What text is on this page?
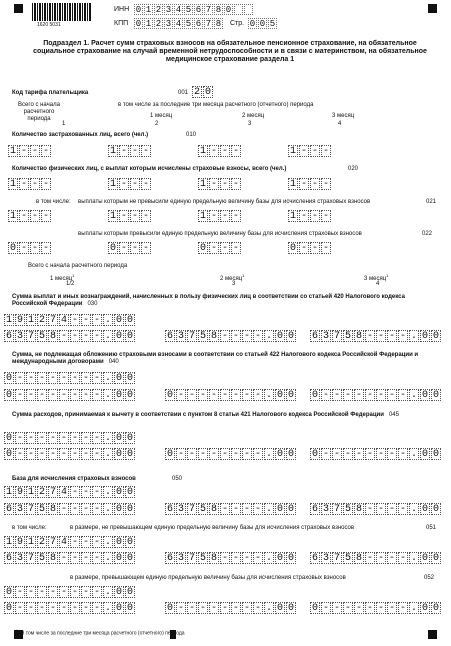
1620 5031
ИНН 0 1 2 3 4 5 6 7 8 0
КПП 0 1 2 3 4 5 6 7 8 Стр. 0 0 5
Подраздел 1. Расчет сумм страховых взносов на обязательное пенсионное страхование, на обязательное социальное страхование на случай временной нетрудоспособности и в связи с материнством, на обязательное медицинское страхование раздела 1
Код тарифа плательщика	001 2 0
Всего с начала расчетного периода
в том числе за последние три месяца расчетного (отчетного) периода
1 месяц	2 месяц	3 месяц
1	2	3	4
Количество застрахованных лиц, всего (чел.)	010
1 - - -	1 - - -	1 - - -	1 - - -
Количество физических лиц, с выплат которым исчислены страховые взносы, всего (чел.)	020
1 - - -	1 - - -	1 - - -	1 - - -
в том числе: выплаты которым не превысили единую предельную величину базы для исчисления страховых взносов	021
1 - - -	1 - - -	1 - - -	1 - - -
выплаты которым превысили единую предельную величину базы для исчисления страховых взносов	022
0 - - -	0 - - -	0 - - -	0 - - -
Всего с начала расчетного периода
1 месяц$^1$
2 месяц$^1$
3 месяц$^1$
1/2	3	4
Сумма выплат и иных вознаграждений, начисленных в пользу физических лиц в соответствии со статьей 420 Налогового кодекса Российской Федерации 030
1 9 1 2 7 4 - - - . 0 0
6 3 7 5 8 - - - - . 0 0	6 3 7 5 8 - - - - . 0 0 6 3 7 5 8 - - - - . 0 0
Сумма, не подлежащая обложению страховыми взносами в соответствии со статьей 422 Налогового кодекса Российской Федерации и международными договорами 040
0 - - - - - - - - . 0 0
0 - - - - - - - - . 0 0	0 - - - - - - - - . 0 0 0 - - - - - - - - . 0 0
Сумма расходов, принимаемая к вычету в соответствии с пунктом 8 статьи 421 Налогового кодекса Российской Федерации 045
0 - - - - - - - - . 0 0
0 - - - - - - - - . 0 0	0 - - - - - - - - . 0 0 0 - - - - - - - - . 0 0
База для исчисления страховых взносов	050
1 9 1 2 7 4 - - - . 0 0
6 3 7 5 8 - - - - . 0 0	6 3 7 5 8 - - - - . 0 0 6 3 7 5 8 - - - - . 0 0
в том числе:	в размере, не превышающем единую предельную величину базы для исчисления страховых взносов	051
1 9 1 2 7 4 - - - . 0 0
6 3 7 5 8 - - - - . 0 0	6 3 7 5 8 - - - - . 0 0 6 3 7 5 8 - - - - . 0 0
в размере, превышающем единую предельную величину базы для исчисления страховых взносов	052
0 - - - - - - - - . 0 0
0 - - - - - - - - . 0 0	0 - - - - - - - - . 0 0 0 - - - - - - - - . 0 0
$^1$  В том числе за последние три месяца расчетного (отчетного) периода
